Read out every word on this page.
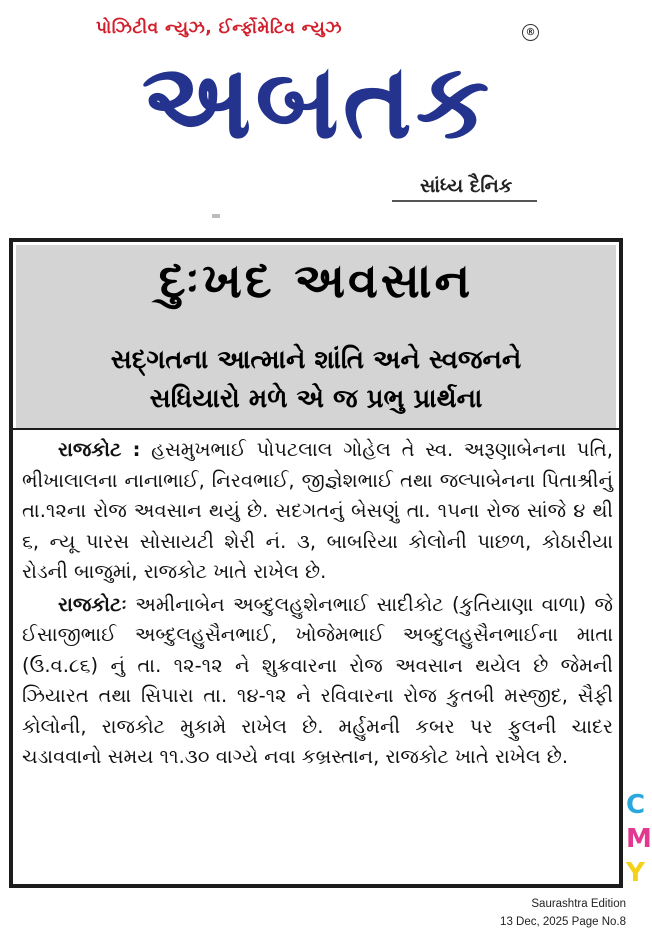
પોઝિટીવ ન્યુઝ, ઈર્ન્ફોમેટિવ ન્યુઝ	®
અબતક
સાંધ્ય દૈનિક
દુઃખદ અવસાન
સદ્ગતના આત્માને શાંતિ અને સ્વજનને
સધિયારો મળે એ જ પ્રભુ પ્રાર્થના

રાજકોટ : હસમુખભાઈ પોપટલાલ ગોહેલ તે સ્વ. અરૂણાબેનના પતિ, ભીખાલાલના નાનાભાઈ, નિરવભાઈ, જીજ્ઞેશભાઈ તથા જલ્પાબેનના પિતાશ્રીનું તા.૧૨ના રોજ અવસાન થયું છે. સદગતનું બેસણું તા. ૧૫ના રોજ સાંજે ૪ થી ૬, ન્યૂ પારસ સોસાયટી શેરી નં. ૩, બાબરિયા કોલોની પાછળ, કોઠારીયા રોડની બાજુમાં, રાજકોટ ખાતે રાખેલ છે.

રાજકોટઃ અમીનાબેન અબ્દુલહુશેનભાઈ સાદીકોટ (કુતિયાણા વાળા) જે ઈસાજીભાઈ અબ્દુલહુસૈનભાઈ, ખોજેમભાઈ અબ્દુલહુસૈનભાઈના માતા (ઉ.વ.૮૬) નું તા. ૧૨-૧૨ ને શુક્રવારના રોજ અવસાન થયેલ છે જેમની ઝિયારત તથા સિપારા તા. ૧૪-૧૨ ને રવિવારના રોજ કુતબી મસ્જીદ, સૈફી કોલોની, રાજકોટ મુકામે રાખેલ છે. મર્હુમની કબર પર ફુલની ચાદર ચડાવવાનો સમય ૧૧.૩૦ વાગ્યે નવા કબ્રસ્તાન, રાજકોટ ખાતે રાખેલ છે.

C
M
Y
Saurashtra Edition
13 Dec, 2025 Page No.8
